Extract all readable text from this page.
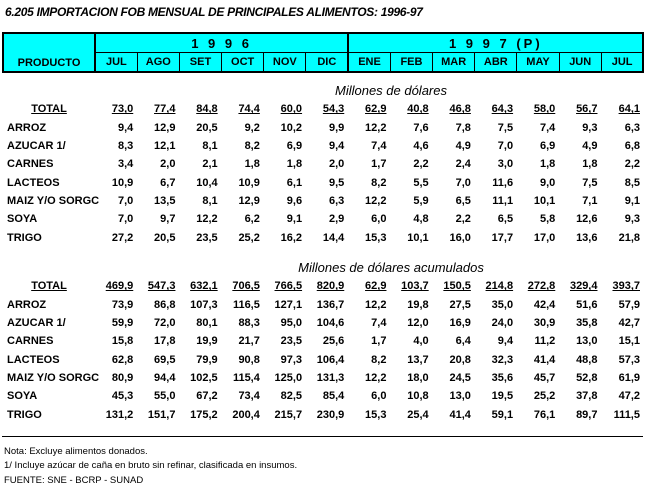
6.205 IMPORTACION FOB MENSUAL DE PRINCIPALES ALIMENTOS: 1996-97
PRODUCTO	1 9 9 6						1 9 9 7 (P)						
	JUL	AGO	SET	OCT	NOV	DIC	ENE	FEB	MAR	ABR	MAY	JUN	JUL
Millones de dólares													
TOTAL	73,0	77,4	84,8	74,4	60,0	54,3	62,9	40,8	46,8	64,3	58,0	56,7	64,1
ARROZ	9,4	12,9	20,5	9,2	10,2	9,9	12,2	7,6	7,8	7,5	7,4	9,3	6,3
AZUCAR 1/	8,3	12,1	8,1	8,2	6,9	9,4	7,4	4,6	4,9	7,0	6,9	4,9	6,8
CARNES	3,4	2,0	2,1	1,8	1,8	2,0	1,7	2,2	2,4	3,0	1,8	1,8	2,2
LACTEOS	10,9	6,7	10,4	10,9	6,1	9,5	8,2	5,5	7,0	11,6	9,0	7,5	8,5
MAIZ Y/O SORGC	7,0	13,5	8,1	12,9	9,6	6,3	12,2	5,9	6,5	11,1	10,1	7,1	9,1
SOYA	7,0	9,7	12,2	6,2	9,1	2,9	6,0	4,8	2,2	6,5	5,8	12,6	9,3
TRIGO	27,2	20,5	23,5	25,2	16,2	14,4	15,3	10,1	16,0	17,7	17,0	13,6	21,8
Millones de dólares acumulados													
TOTAL	469,9	547,3	632,1	706,5	766,5	820,9	62,9	103,7	150,5	214,8	272,8	329,4	393,7
ARROZ	73,9	86,8	107,3	116,5	127,1	136,7	12,2	19,8	27,5	35,0	42,4	51,6	57,9
AZUCAR 1/	59,9	72,0	80,1	88,3	95,0	104,6	7,4	12,0	16,9	24,0	30,9	35,8	42,7
CARNES	15,8	17,8	19,9	21,7	23,5	25,6	1,7	4,0	6,4	9,4	11,2	13,0	15,1
LACTEOS	62,8	69,5	79,9	90,8	97,3	106,4	8,2	13,7	20,8	32,3	41,4	48,8	57,3
MAIZ Y/O SORGC	80,9	94,4	102,5	115,4	125,0	131,3	12,2	18,0	24,5	35,6	45,7	52,8	61,9
SOYA	45,3	55,0	67,2	73,4	82,5	85,4	6,0	10,8	13,0	19,5	25,2	37,8	47,2
TRIGO	131,2	151,7	175,2	200,4	215,7	230,9	15,3	25,4	41,4	59,1	76,1	89,7	111,5
Nota: Excluye alimentos donados.
1/ Incluye azúcar de caña en bruto sin refinar, clasificada en insumos.
FUENTE: SNE - BCRP - SUNAD
